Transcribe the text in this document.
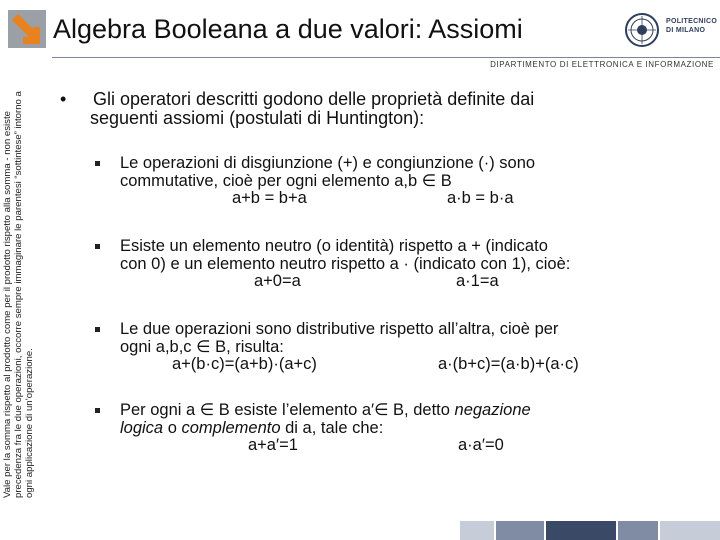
Algebra Booleana a due valori: Assiomi	POLITECNICO
DI MILANO
DIPARTIMENTO DI ELETTRONICA E INFORMAZIONE
Vale per la somma rispetto al prodotto come per il prodotto rispetto alla somma - non esiste precedenza fra le due operazioni, occorre sempre immaginare le parentesi “sottintese” intorno a ogni applicazione di un’operazione.
• Gli operatori descritti godono delle proprietà definite dai
seguenti assiomi (postulati di Huntington):
Le operazioni di disgiunzione (+) e congiunzione (·) sono
commutative, cioè per ogni elemento a,b ∈ B
a+b = b+a	a·b = b·a
Esiste un elemento neutro (o identità) rispetto a + (indicato
con 0) e un elemento neutro rispetto a · (indicato con 1), cioè:
a+0=a	a·1=a
Le due operazioni sono distributive rispetto all’altra, cioè per
ogni a,b,c ∈ B, risulta:
a+(b·c)=(a+b)·(a+c)	a·(b+c)=(a·b)+(a·c)
Per ogni a ∈ B esiste l’elemento a′∈ B, detto negazione
logica o complemento di a, tale che:
a+a′=1	a·a′=0
